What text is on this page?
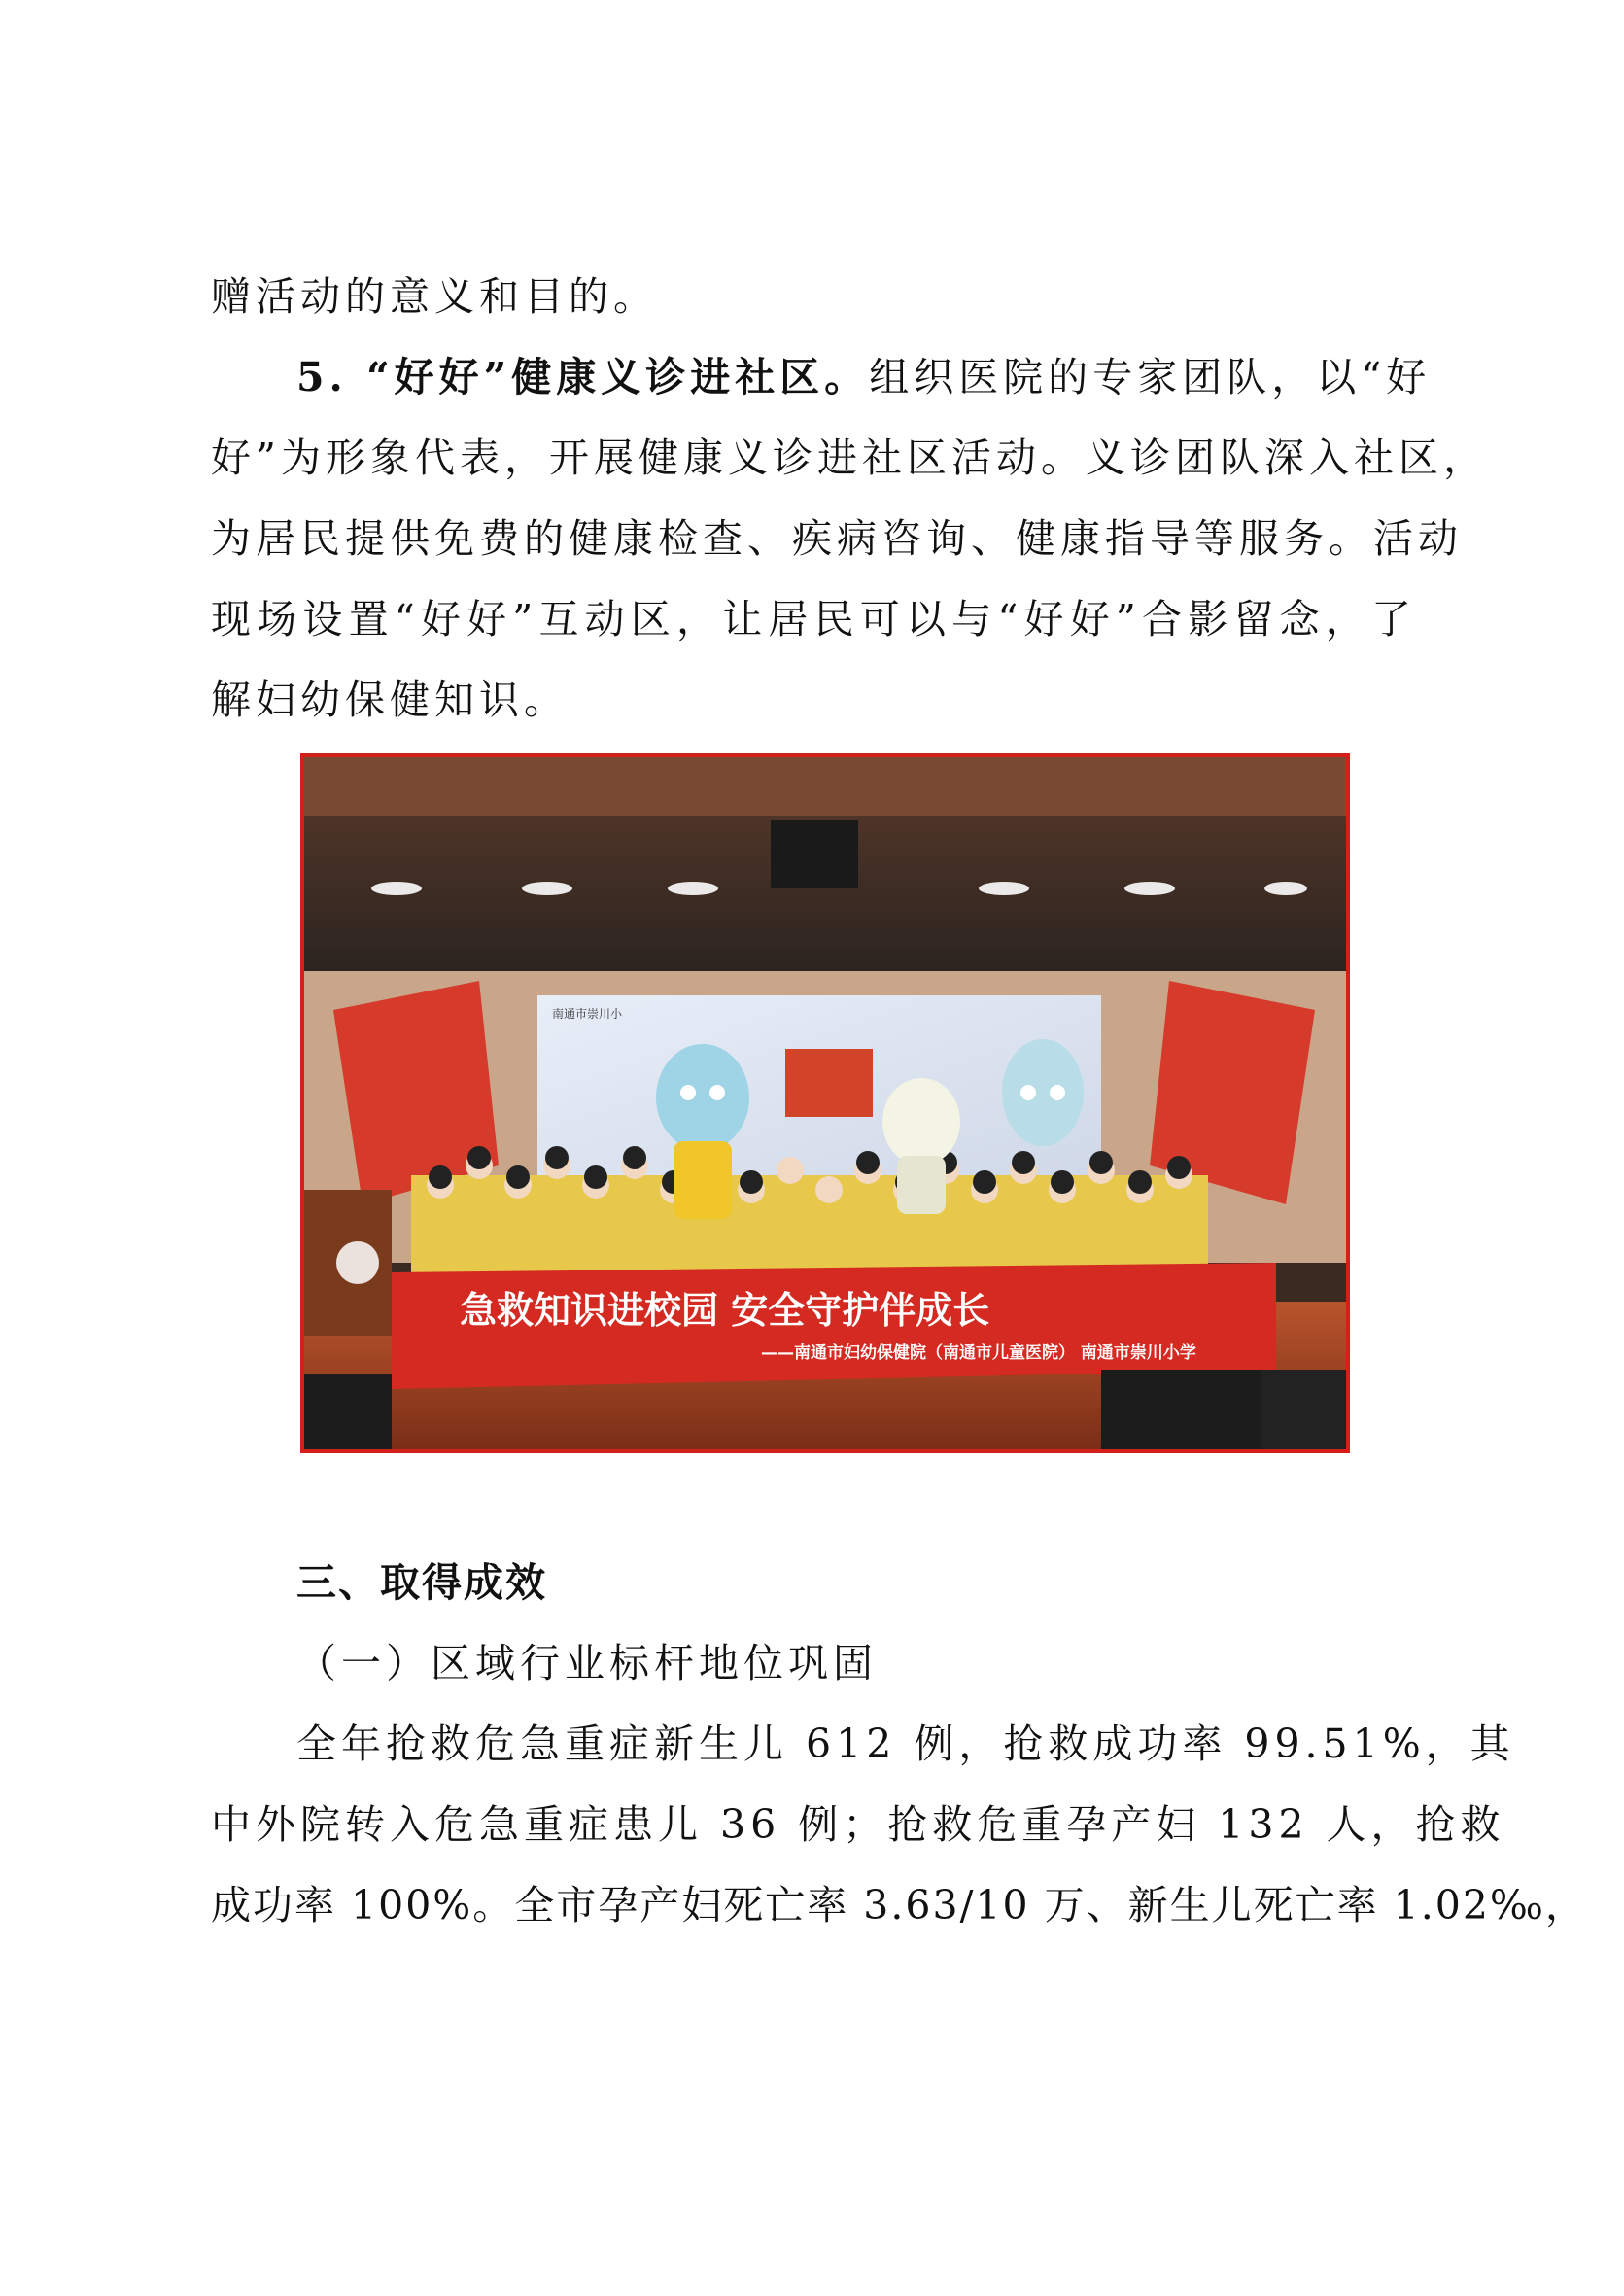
赠活动的意义和目的。
5. “好好”健康义诊进社区。组织医院的专家团队，以“好
好”为形象代表，开展健康义诊进社区活动。义诊团队深入社区，
为居民提供免费的健康检查、疾病咨询、健康指导等服务。活动
现场设置“好好”互动区，让居民可以与“好好”合影留念，了
解妇幼保健知识。
南通市崇川小
急救知识进校园 安全守护伴成长
——南通市妇幼保健院（南通市儿童医院） 南通市崇川小学
三、取得成效
（一）区域行业标杆地位巩固
全年抢救危急重症新生儿 612 例，抢救成功率 99.51%，其
中外院转入危急重症患儿 36 例；抢救危重孕产妇 132 人，抢救
成功率 100%。全市孕产妇死亡率 3.63/10 万、新生儿死亡率 1.02‰，
